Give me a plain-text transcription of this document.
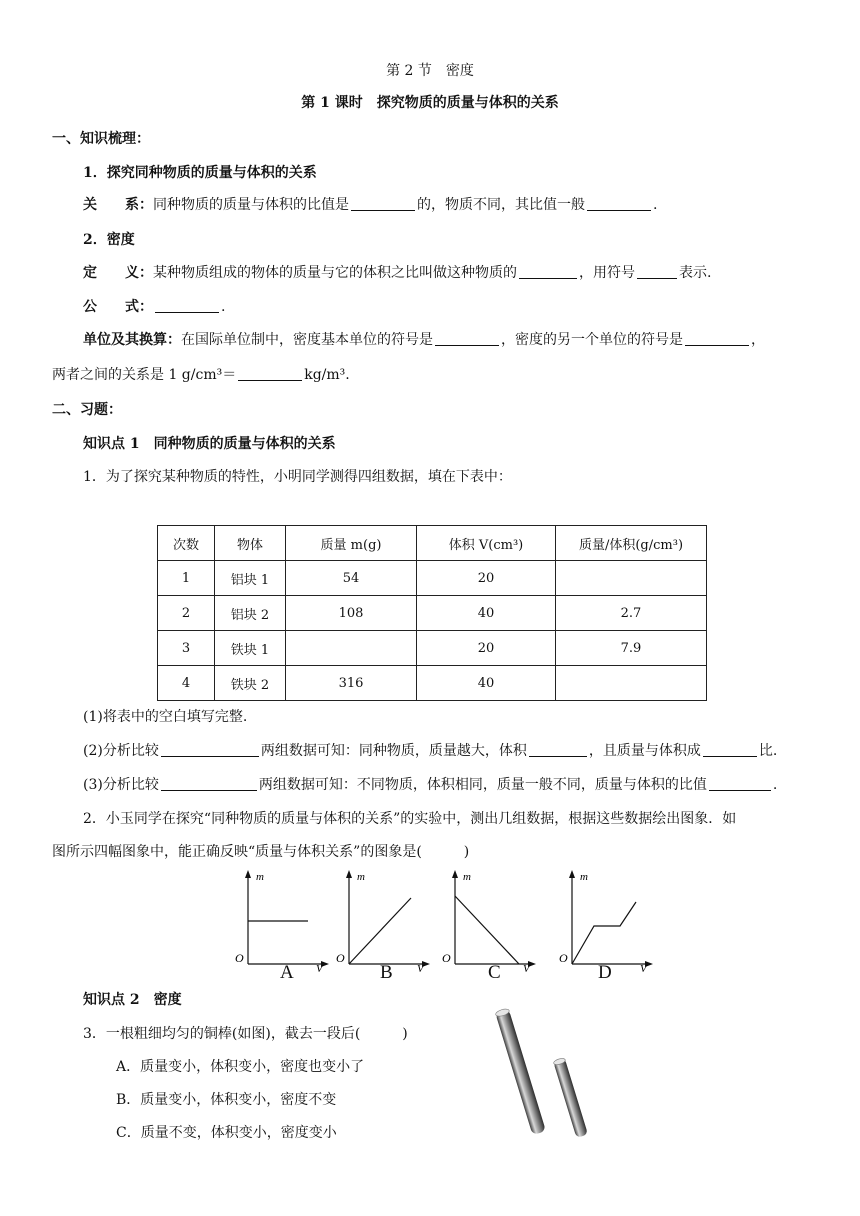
第 2 节　密度
第 1 课时　探究物质的质量与体积的关系
一、知识梳理：
1．探究同种物质的质量与体积的关系
关　　系：同种物质的质量与体积的比值是	的，物质不同，其比值一般	.
2．密度
定　　义：某种物质组成的物体的质量与它的体积之比叫做这种物质的	，用符号	表示.
公　　式：	.
单位及其换算：在国际单位制中，密度基本单位的符号是	，密度的另一个单位的符号是	，
两者之间的关系是 1 g/cm³＝	kg/m³.
二、习题：
知识点 1　同种物质的质量与体积的关系
1．为了探究某种物质的特性，小明同学测得四组数据，填在下表中：
次数	物体	质量 m(g)	体积 V(cm³)	质量/体积(g/cm³)
1	铝块 1	54	20	
2	铝块 2	108	40	2.7
3	铁块 1		20	7.9
4	铁块 2	316	40	
(1)将表中的空白填写完整.
(2)分析比较	两组数据可知：同种物质，质量越大，体积	，且质量与体积成	比.
(3)分析比较	两组数据可知：不同物质，体积相同，质量一般不同，质量与体积的比值	.
2．小玉同学在探究“同种物质的质量与体积的关系”的实验中，测出几组数据，根据这些数据绘出图象．如
图所示四幅图象中，能正确反映“质量与体积关系”的图象是(　　　)
m
V
O
m
V
O
m
V
O
m
V
O
A	B	C	D
知识点 2　密度
3．一根粗细均匀的铜棒(如图)，截去一段后(　　　)
A．质量变小，体积变小，密度也变小了
B．质量变小，体积变小，密度不变
C．质量不变，体积变小，密度变小
